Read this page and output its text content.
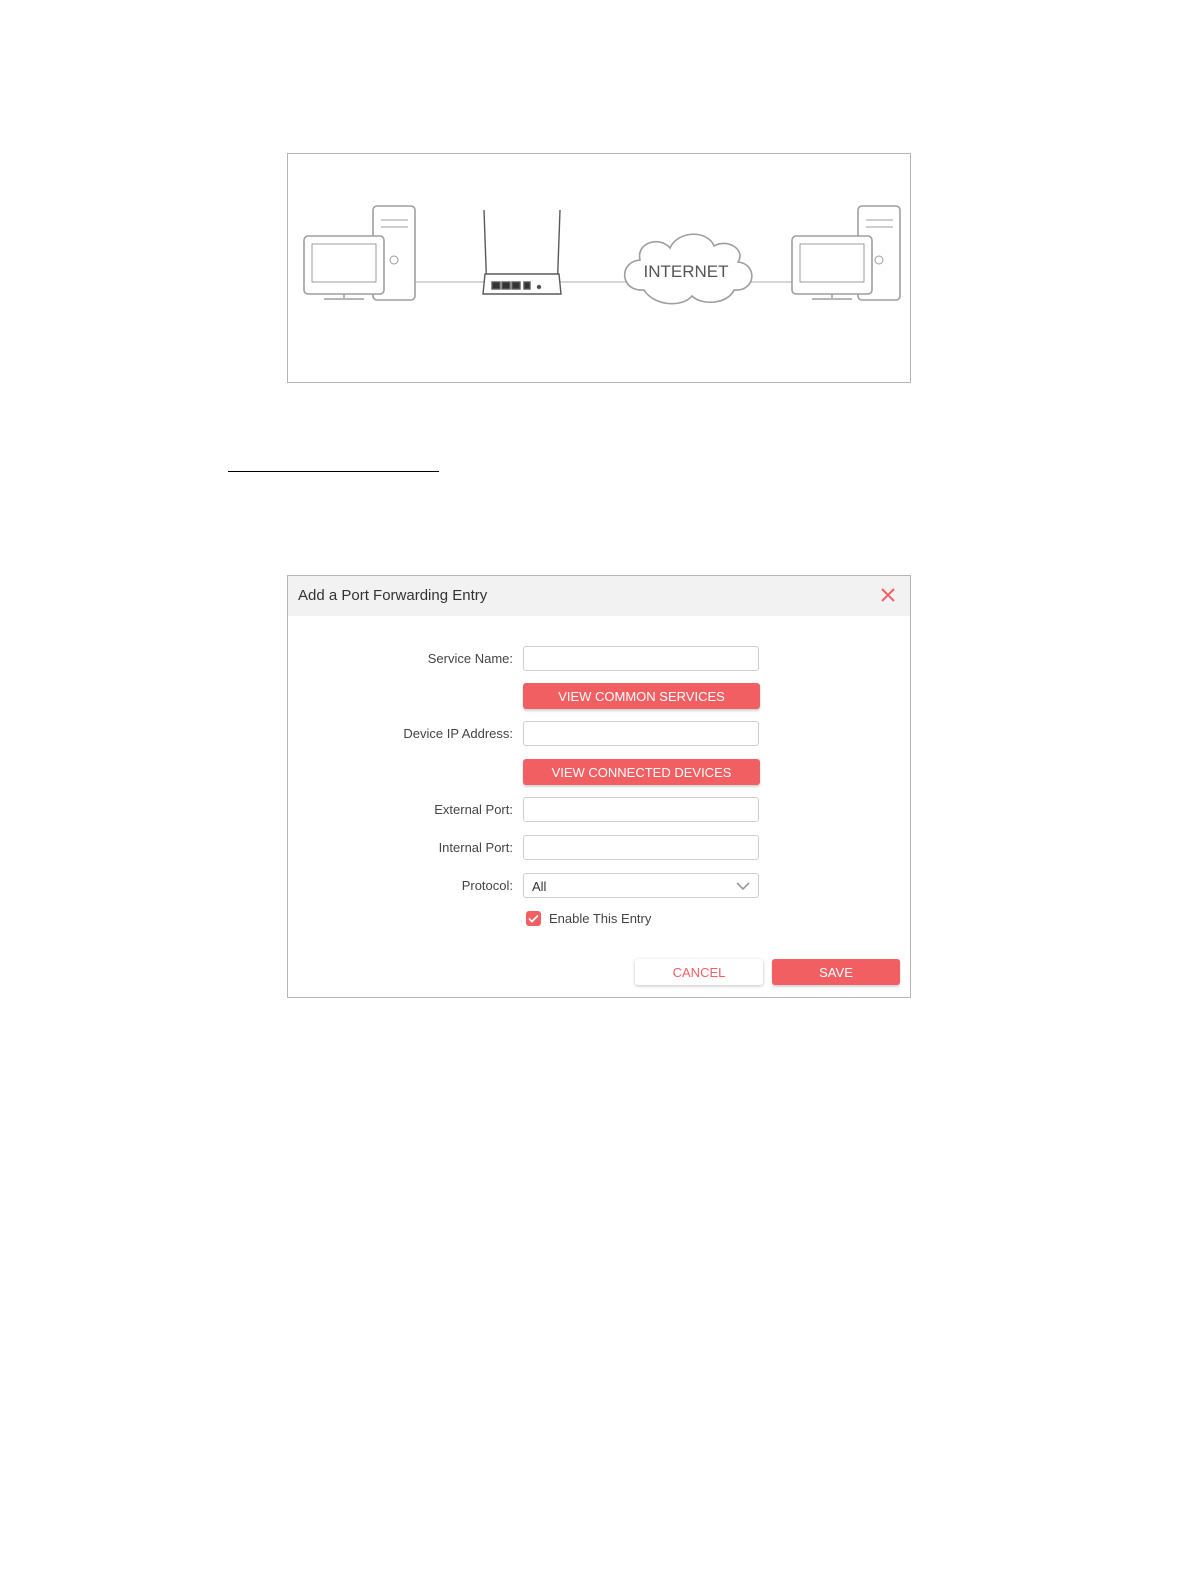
INTERNET
Add a Port Forwarding Entry
Service Name:
VIEW COMMON SERVICES
Device IP Address:
VIEW CONNECTED DEVICES
External Port:
Internal Port:
Protocol: All
Enable This Entry
CANCEL	SAVE
